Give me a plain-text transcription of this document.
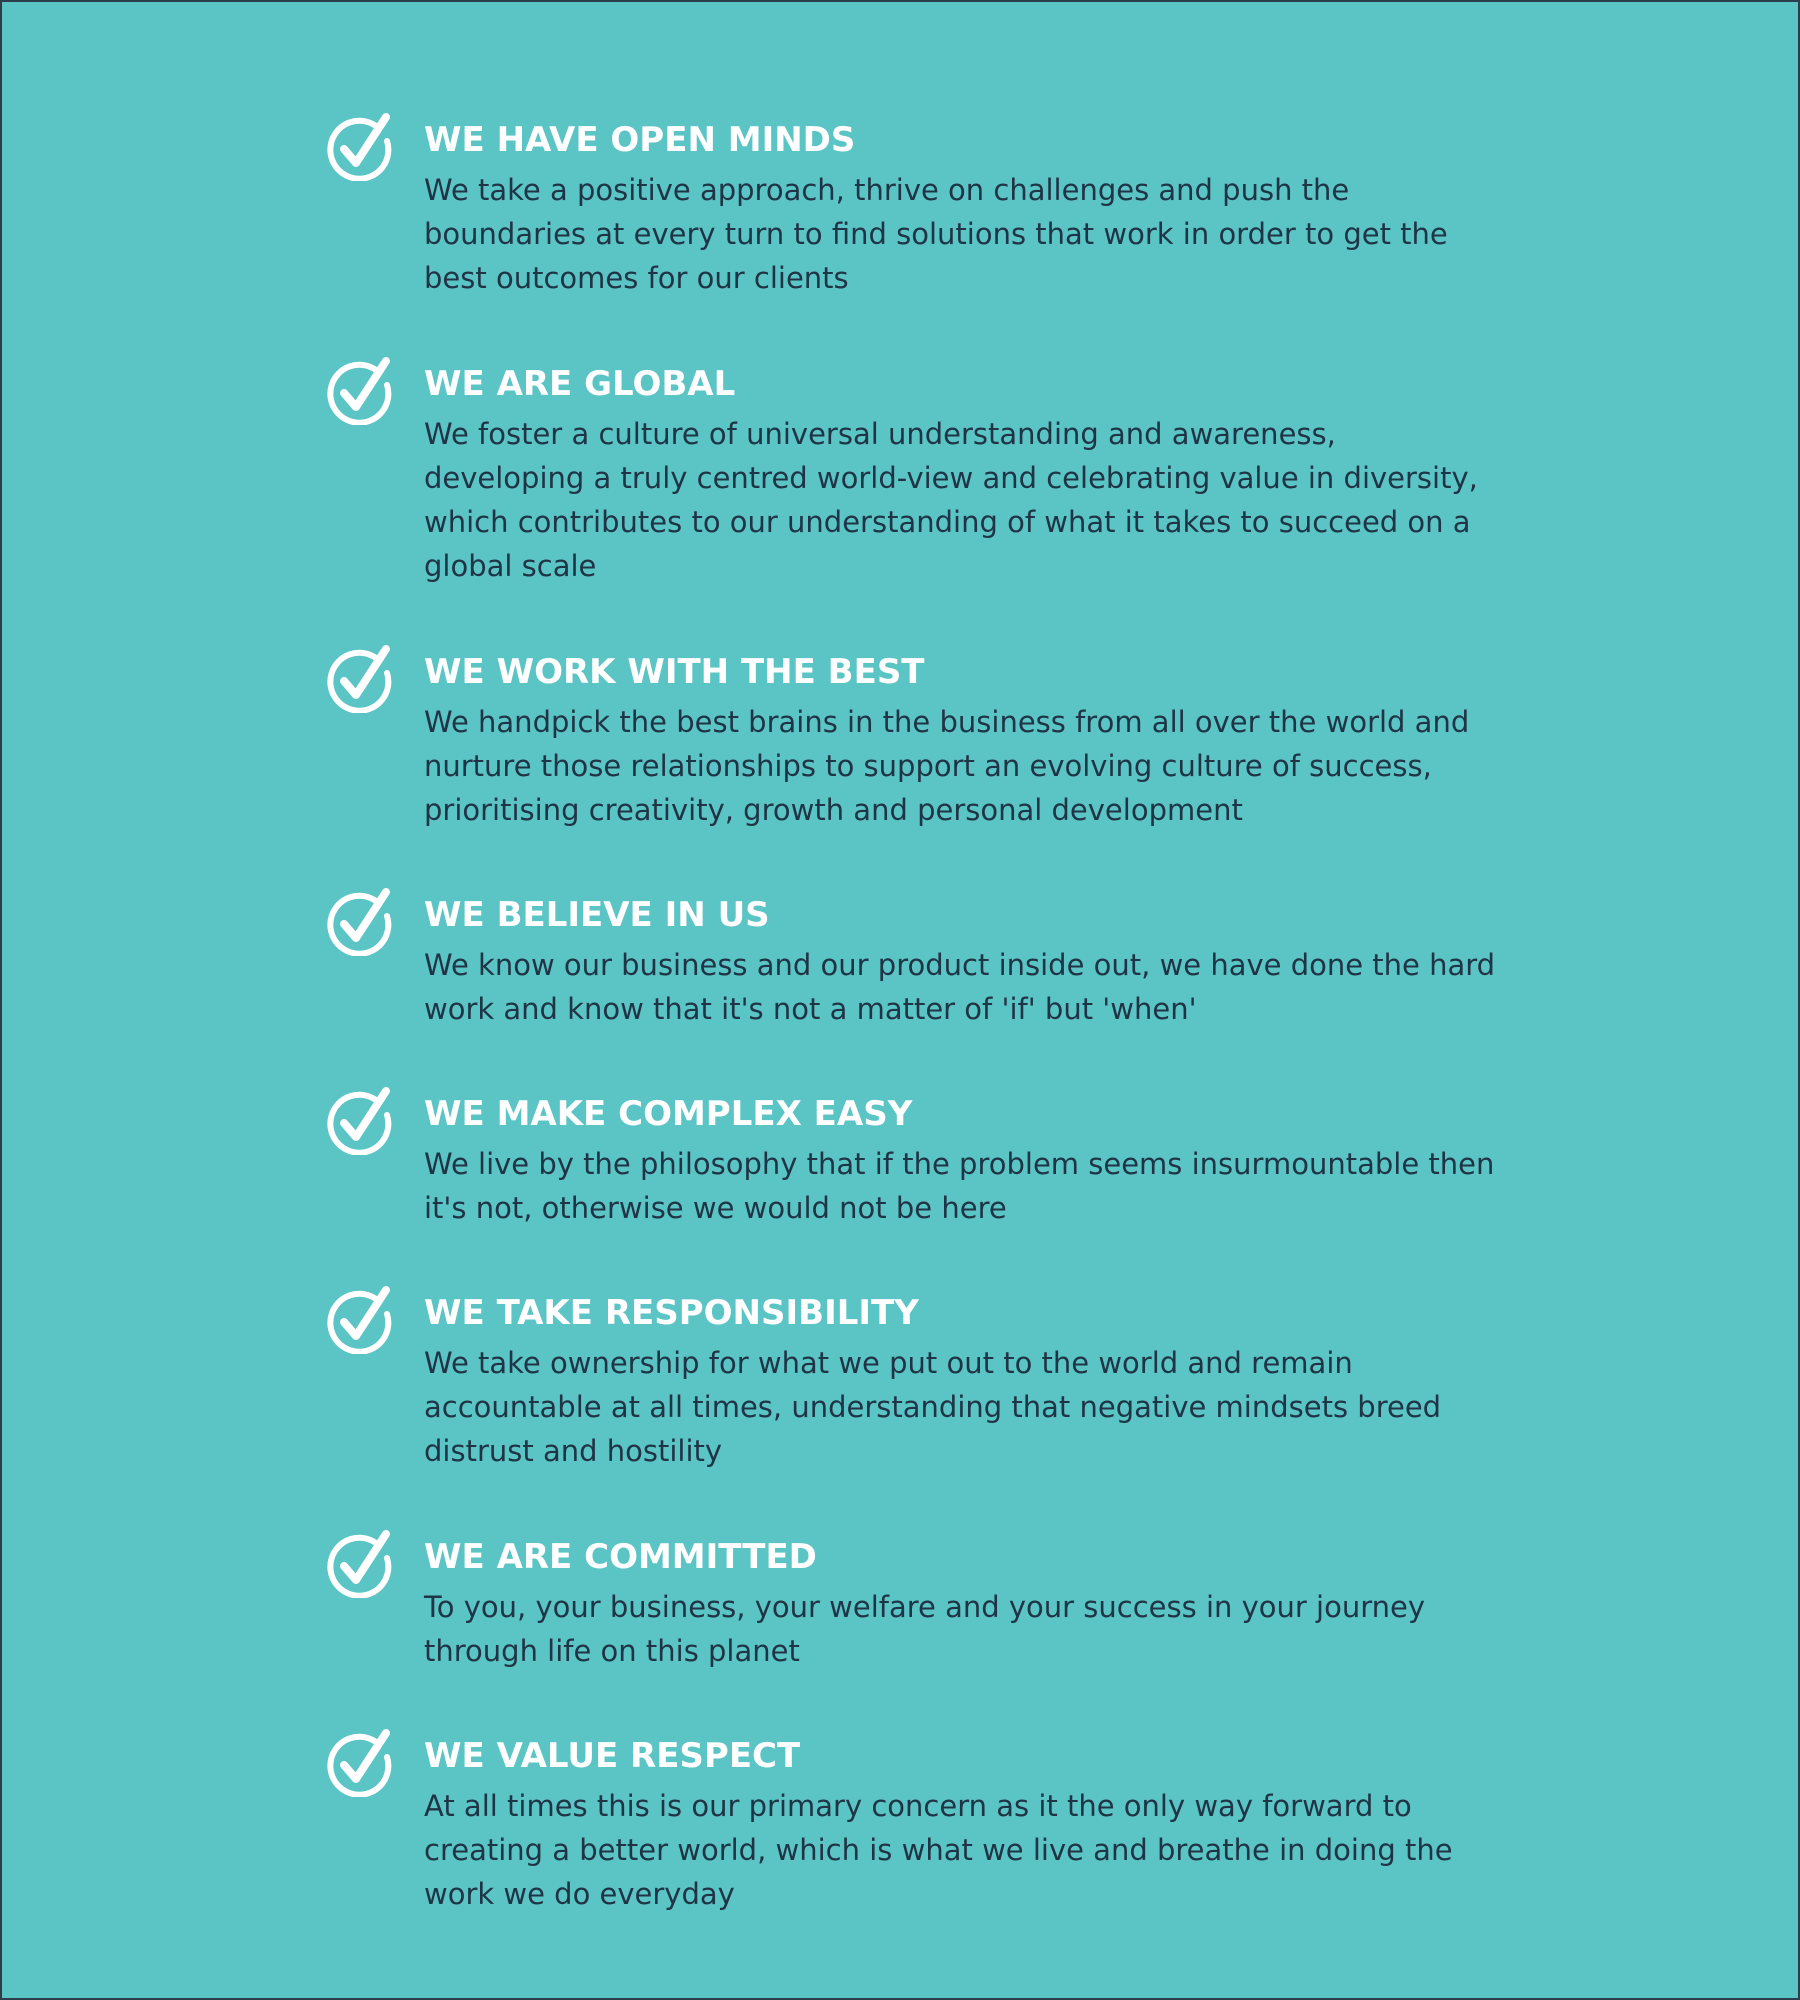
WE HAVE OPEN MINDS

We take a positive approach, thrive on challenges and push the boundaries at every turn to find solutions that work in order to get the best outcomes for our clients

WE ARE GLOBAL

We foster a culture of universal understanding and awareness, developing a truly centred world-view and celebrating value in diversity, which contributes to our understanding of what it takes to succeed on a global scale

WE WORK WITH THE BEST

We handpick the best brains in the business from all over the world and nurture those relationships to support an evolving culture of success, prioritising creativity, growth and personal development

WE BELIEVE IN US

We know our business and our product inside out, we have done the hard work and know that it's not a matter of 'if' but 'when'

WE MAKE COMPLEX EASY

We live by the philosophy that if the problem seems insurmountable then it's not, otherwise we would not be here

WE TAKE RESPONSIBILITY

We take ownership for what we put out to the world and remain accountable at all times, understanding that negative mindsets breed distrust and hostility

WE ARE COMMITTED

To you, your business, your welfare and your success in your journey through life on this planet

WE VALUE RESPECT

At all times this is our primary concern as it the only way forward to creating a better world, which is what we live and breathe in doing the work we do everyday
